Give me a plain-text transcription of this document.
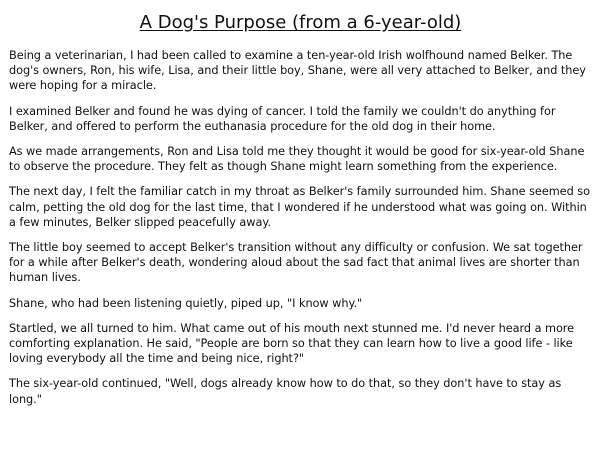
A Dog's Purpose (from a 6-year-old)

Being a veterinarian, I had been called to examine a ten-year-old Irish wolfhound named Belker. The dog's owners, Ron, his wife, Lisa, and their little boy, Shane, were all very attached to Belker, and they were hoping for a miracle.

I examined Belker and found he was dying of cancer. I told the family we couldn't do anything for Belker, and offered to perform the euthanasia procedure for the old dog in their home.

As we made arrangements, Ron and Lisa told me they thought it would be good for six-year-old Shane to observe the procedure. They felt as though Shane might learn something from the experience.

The next day, I felt the familiar catch in my throat as Belker's family surrounded him. Shane seemed so calm, petting the old dog for the last time, that I wondered if he understood what was going on. Within a few minutes, Belker slipped peacefully away.

The little boy seemed to accept Belker's transition without any difficulty or confusion. We sat together for a while after Belker's death, wondering aloud about the sad fact that animal lives are shorter than human lives.

Shane, who had been listening quietly, piped up, "I know why."

Startled, we all turned to him. What came out of his mouth next stunned me. I'd never heard a more comforting explanation. He said, "People are born so that they can learn how to live a good life - like loving everybody all the time and being nice, right?"

The six-year-old continued, "Well, dogs already know how to do that, so they don't have to stay as long."
